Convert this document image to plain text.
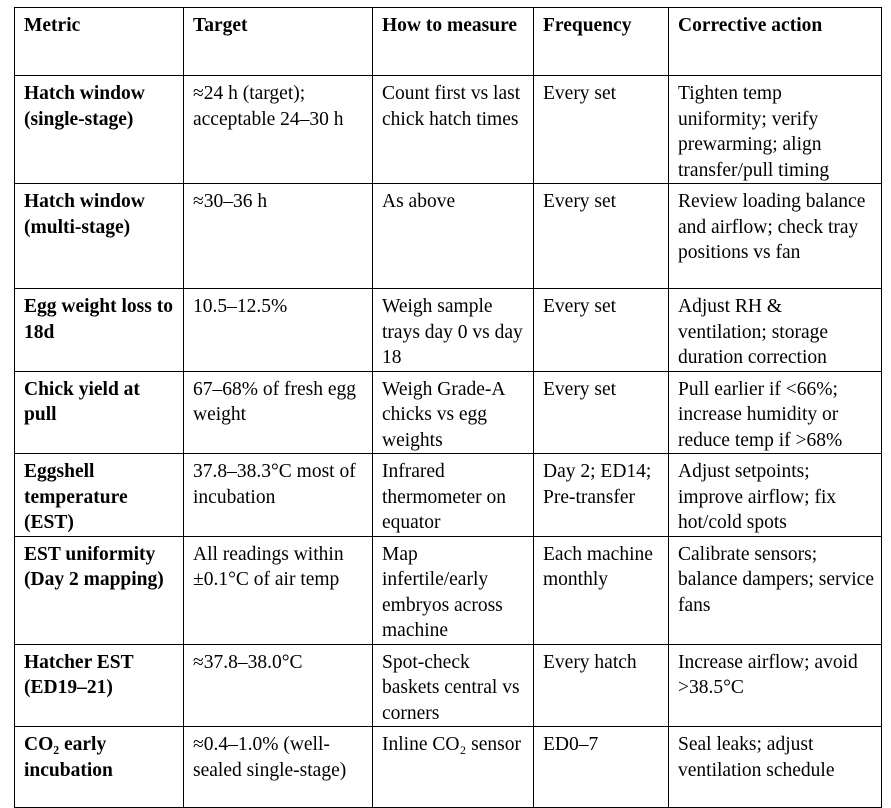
Metric	Target	How to measure	Frequency	Corrective action
Hatch window (single-stage)	≈24 h (target); acceptable 24–30 h	Count first vs last chick hatch times	Every set	Tighten temp uniformity; verify prewarming; align transfer/pull timing
Hatch window (multi-stage)	≈30–36 h	As above	Every set	Review loading balance and airflow; check tray positions vs fan
Egg weight loss to 18d	10.5–12.5%	Weigh sample trays day 0 vs day 18	Every set	Adjust RH & ventilation; storage duration correction
Chick yield at pull	67–68% of fresh egg weight	Weigh Grade-A chicks vs egg weights	Every set	Pull earlier if <66%; increase humidity or reduce temp if >68%
Eggshell temperature (EST)	37.8–38.3°C most of incubation	Infrared thermometer on equator	Day 2; ED14; Pre-transfer	Adjust setpoints; improve airflow; fix hot/cold spots
EST uniformity (Day 2 mapping)	All readings within ±0.1°C of air temp	Map infertile/early embryos across machine	Each machine monthly	Calibrate sensors; balance dampers; service fans
Hatcher EST (ED19–21)	≈37.8–38.0°C	Spot-check baskets central vs corners	Every hatch	Increase airflow; avoid >38.5°C
CO₂ early incubation	≈0.4–1.0% (well-sealed single-stage)	Inline CO₂ sensor	ED0–7	Seal leaks; adjust ventilation schedule
